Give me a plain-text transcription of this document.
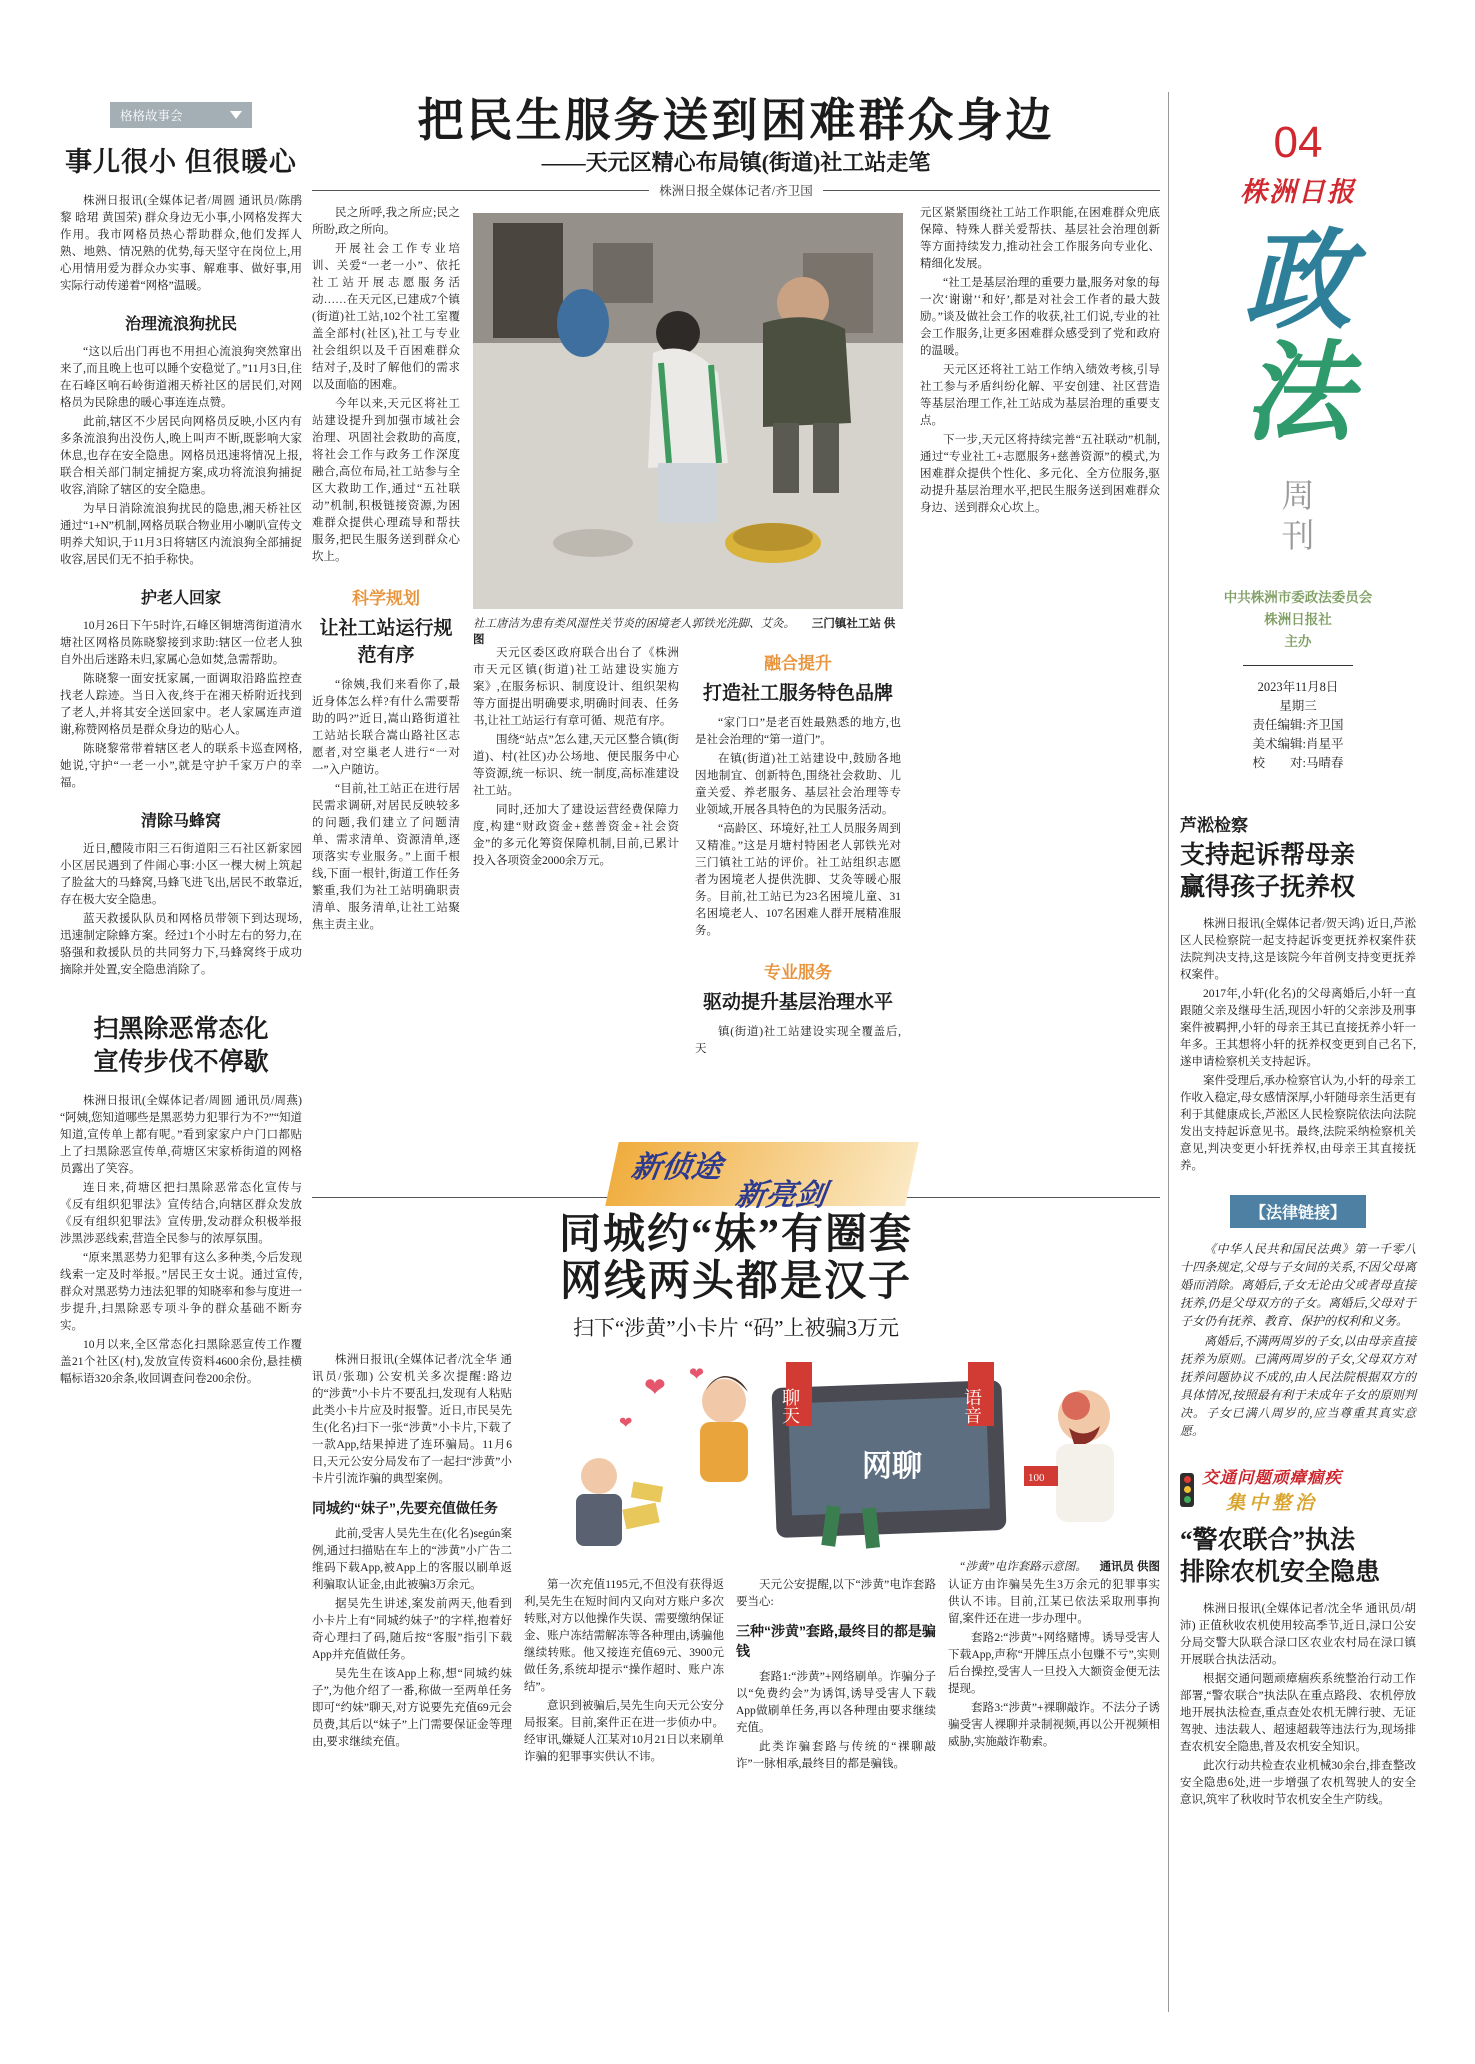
格格故事会
事儿很小 但很暖心

株洲日报讯(全媒体记者/周圆 通讯员/陈鹃黎 晗珺 黄国荣) 群众身边无小事,小网格发挥大作用。我市网格员热心帮助群众,他们发挥人熟、地熟、情况熟的优势,每天坚守在岗位上,用心用情用爱为群众办实事、解难事、做好事,用实际行动传递着“网格”温暖。

治理流浪狗扰民

“这以后出门再也不用担心流浪狗突然窜出来了,而且晚上也可以睡个安稳觉了。”11月3日,住在石峰区响石岭街道湘天桥社区的居民们,对网格员为民除患的暖心事连连点赞。

此前,辖区不少居民向网格员反映,小区内有多条流浪狗出没伤人,晚上叫声不断,既影响大家休息,也存在安全隐患。网格员迅速将情况上报,联合相关部门制定捕捉方案,成功将流浪狗捕捉收容,消除了辖区的安全隐患。

为早日消除流浪狗扰民的隐患,湘天桥社区通过“1+N”机制,网格员联合物业用小喇叭宣传文明养犬知识,于11月3日将辖区内流浪狗全部捕捉收容,居民们无不拍手称快。

护老人回家

10月26日下午5时许,石峰区铜塘湾街道清水塘社区网格员陈晓黎接到求助:辖区一位老人独自外出后迷路未归,家属心急如焚,急需帮助。

陈晓黎一面安抚家属,一面调取沿路监控查找老人踪迹。当日入夜,终于在湘天桥附近找到了老人,并将其安全送回家中。老人家属连声道谢,称赞网格员是群众身边的贴心人。

陈晓黎常带着辖区老人的联系卡巡查网格,她说,守护“一老一小”,就是守护千家万户的幸福。

清除马蜂窝

近日,醴陵市阳三石街道阳三石社区新家园小区居民遇到了件闹心事:小区一棵大树上筑起了脸盆大的马蜂窝,马蜂飞进飞出,居民不敢靠近,存在极大安全隐患。

蓝天救援队队员和网格员带领下到达现场,迅速制定除蜂方案。经过1个小时左右的努力,在骆强和救援队员的共同努力下,马蜂窝终于成功摘除并处置,安全隐患消除了。

扫黑除恶常态化
宣传步伐不停歇

株洲日报讯(全媒体记者/周圆 通讯员/周燕) “阿姨,您知道哪些是黑恶势力犯罪行为不?”“知道知道,宣传单上都有呢。”看到家家户户门口都贴上了扫黑除恶宣传单,荷塘区宋家桥街道的网格员露出了笑容。

连日来,荷塘区把扫黑除恶常态化宣传与《反有组织犯罪法》宣传结合,向辖区群众发放《反有组织犯罪法》宣传册,发动群众积极举报涉黑涉恶线索,营造全民参与的浓厚氛围。

“原来黑恶势力犯罪有这么多种类,今后发现线索一定及时举报。”居民王女士说。通过宣传,群众对黑恶势力违法犯罪的知晓率和参与度进一步提升,扫黑除恶专项斗争的群众基础不断夯实。

10月以来,全区常态化扫黑除恶宣传工作覆盖21个社区(村),发放宣传资料4600余份,悬挂横幅标语320余条,收回调查问卷200余份。

把民生服务送到困难群众身边
——天元区精心布局镇(街道)社工站走笔
株洲日报全媒体记者/齐卫国
社工唐洁为患有类风湿性关节炎的困境老人郭铁光洗脚、艾灸。 三门镇社工站 供图

民之所呼,我之所应;民之所盼,政之所向。

开展社会工作专业培训、关爱“一老一小”、依托社工站开展志愿服务活动……在天元区,已建成7个镇(街道)社工站,102个社工室覆盖全部村(社区),社工与专业社会组织以及千百困难群众结对子,及时了解他们的需求以及面临的困难。

今年以来,天元区将社工站建设提升到加强市域社会治理、巩固社会救助的高度,将社会工作与政务工作深度融合,高位布局,社工站参与全区大救助工作,通过“五社联动”机制,积极链接资源,为困难群众提供心理疏导和帮扶服务,把民生服务送到群众心坎上。

科学规划
让社工站运行规范有序

“徐姨,我们来看你了,最近身体怎么样?有什么需要帮助的吗?”近日,嵩山路街道社工站站长联合嵩山路社区志愿者,对空巢老人进行“一对一”入户随访。

“目前,社工站正在进行居民需求调研,对居民反映较多的问题,我们建立了问题清单、需求清单、资源清单,逐项落实专业服务。”上面千根线,下面一根针,街道工作任务繁重,我们为社工站明确职责清单、服务清单,让社工站聚焦主责主业。

天元区委区政府联合出台了《株洲市天元区镇(街道)社工站建设实施方案》,在服务标识、制度设计、组织架构等方面提出明确要求,明确时间表、任务书,让社工站运行有章可循、规范有序。

围绕“站点”怎么建,天元区整合镇(街道)、村(社区)办公场地、便民服务中心等资源,统一标识、统一制度,高标准建设社工站。

同时,还加大了建设运营经费保障力度,构建“财政资金+慈善资金+社会资金”的多元化筹资保障机制,目前,已累计投入各项资金2000余万元。

融合提升
打造社工服务特色品牌

“家门口”是老百姓最熟悉的地方,也是社会治理的“第一道门”。

在镇(街道)社工站建设中,鼓励各地因地制宜、创新特色,围绕社会救助、儿童关爱、养老服务、基层社会治理等专业领域,开展各具特色的为民服务活动。

“高龄区、环境好,社工人员服务周到又精准。”这是月塘村特困老人郭铁光对三门镇社工站的评价。社工站组织志愿者为困境老人提供洗脚、艾灸等暖心服务。目前,社工站已为23名困境儿童、31名困境老人、107名困难人群开展精准服务。

专业服务
驱动提升基层治理水平

镇(街道)社工站建设实现全覆盖后,天

元区紧紧围绕社工站工作职能,在困难群众兜底保障、特殊人群关爱帮扶、基层社会治理创新等方面持续发力,推动社会工作服务向专业化、精细化发展。

“社工是基层治理的重要力量,服务对象的每一次‘谢谢’‘和好’,都是对社会工作者的最大鼓励。”谈及做社会工作的收获,社工们说,专业的社会工作服务,让更多困难群众感受到了党和政府的温暖。

天元区还将社工站工作纳入绩效考核,引导社工参与矛盾纠纷化解、平安创建、社区营造等基层治理工作,社工站成为基层治理的重要支点。

下一步,天元区将持续完善“五社联动”机制,通过“专业社工+志愿服务+慈善资源”的模式,为困难群众提供个性化、多元化、全方位服务,驱动提升基层治理水平,把民生服务送到困难群众身边、送到群众心坎上。

新侦途
新亮剑
同城约“妹”有圈套
网线两头都是汉子
扫下“涉黄”小卡片 “码”上被骗3万元

株洲日报讯(全媒体记者/沈全华 通讯员/张珈) 公安机关多次提醒:路边的“涉黄”小卡片不要乱扫,发现有人粘贴此类小卡片应及时报警。近日,市民吴先生(化名)扫下一张“涉黄”小卡片,下载了一款App,结果掉进了连环骗局。11月6日,天元公安分局发布了一起扫“涉黄”小卡片引流诈骗的典型案例。

同城约“妹子”,先要充值做任务

此前,受害人吴先生在(化名)según案例,通过扫描贴在车上的“涉黄”小广告二维码下载App,被App上的客服以刷单返利骗取认证金,由此被骗3万余元。

据吴先生讲述,案发前两天,他看到小卡片上有“同城约妹子”的字样,抱着好奇心理扫了码,随后按“客服”指引下载App并充值做任务。

吴先生在该App上称,想“同城约妹子”,为他介绍了一番,称做一至两单任务即可“约妹”聊天,对方说要先充值69元会员费,其后以“妹子”上门需要保证金等理由,要求继续充值。

❤ ❤
❤
网聊
聊天	语音
100
“涉黄”电诈套路示意图。 通讯员 供图

第一次充值1195元,不但没有获得返利,吴先生在短时间内又向对方账户多次转账,对方以他操作失误、需要缴纳保证金、账户冻结需解冻等各种理由,诱骗他继续转账。他又接连充值69元、3900元做任务,系统却提示“操作超时、账户冻结”。

意识到被骗后,吴先生向天元公安分局报案。目前,案件正在进一步侦办中。经审讯,嫌疑人江某对10月21日以来刷单诈骗的犯罪事实供认不讳。

天元公安提醒,以下“涉黄”电诈套路要当心:

三种“涉黄”套路,最终目的都是骗钱

套路1:“涉黄”+网络刷单。诈骗分子以“免费约会”为诱饵,诱导受害人下载App做刷单任务,再以各种理由要求继续充值。

此类诈骗套路与传统的“裸聊敲诈”一脉相承,最终目的都是骗钱。

认证方由诈骗吴先生3万余元的犯罪事实供认不讳。目前,江某已依法采取刑事拘留,案件还在进一步办理中。

套路2:“涉黄”+网络赌博。诱导受害人下载App,声称“开牌压点小包赚不亏”,实则后台操控,受害人一旦投入大额资金便无法提现。

套路3:“涉黄”+裸聊敲诈。不法分子诱骗受害人裸聊并录制视频,再以公开视频相威胁,实施敲诈勒索。

04
株洲日报
政
法
周
刊
中共株洲市委政法委员会
株洲日报社
主办
2023年11月8日
星期三
责任编辑:齐卫国
美术编辑:肖星平
校　　对:马晴春
芦淞检察
支持起诉帮母亲
赢得孩子抚养权

株洲日报讯(全媒体记者/贺天鸿) 近日,芦淞区人民检察院一起支持起诉变更抚养权案件获法院判决支持,这是该院今年首例支持变更抚养权案件。

2017年,小轩(化名)的父母离婚后,小轩一直跟随父亲及继母生活,现因小轩的父亲涉及刑事案件被羁押,小轩的母亲王其已直接抚养小轩一年多。王其想将小轩的抚养权变更到自己名下,遂申请检察机关支持起诉。

案件受理后,承办检察官认为,小轩的母亲工作收入稳定,母女感情深厚,小轩随母亲生活更有利于其健康成长,芦淞区人民检察院依法向法院发出支持起诉意见书。最终,法院采纳检察机关意见,判决变更小轩抚养权,由母亲王其直接抚养。

【法律链接】

《中华人民共和国民法典》第一千零八十四条规定,父母与子女间的关系,不因父母离婚而消除。离婚后,子女无论由父或者母直接抚养,仍是父母双方的子女。离婚后,父母对于子女仍有抚养、教育、保护的权利和义务。

离婚后,不满两周岁的子女,以由母亲直接抚养为原则。已满两周岁的子女,父母双方对抚养问题协议不成的,由人民法院根据双方的具体情况,按照最有利于未成年子女的原则判决。子女已满八周岁的,应当尊重其真实意愿。

交通问题顽瘴痼疾
集中整治
“警农联合”执法
排除农机安全隐患

株洲日报讯(全媒体记者/沈全华 通讯员/胡沛) 正值秋收农机使用较高季节,近日,渌口公安分局交警大队联合渌口区农业农村局在渌口镇开展联合执法活动。

根据交通问题顽瘴痼疾系统整治行动工作部署,“警农联合”执法队在重点路段、农机停放地开展执法检查,重点查处农机无牌行驶、无证驾驶、违法载人、超速超载等违法行为,现场排查农机安全隐患,普及农机安全知识。

此次行动共检查农业机械30余台,排查整改安全隐患6处,进一步增强了农机驾驶人的安全意识,筑牢了秋收时节农机安全生产防线。
